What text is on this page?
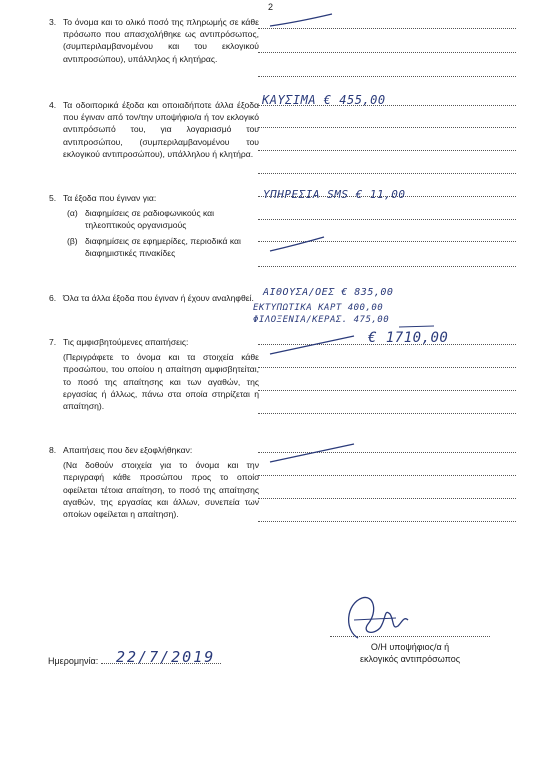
2
3. Το όνομα και το ολικό ποσό της πληρωμής σε κάθε πρόσωπο που απασχολήθηκε ως αντιπρόσωπος, (συμπεριλαμβανομένου και του εκλογικού αντιπροσώπου), υπάλληλος ή κλητήρας.

4. Τα οδοιπορικά έξοδα και οποιαδήποτε άλλα έξοδα που έγιναν από τον/την υποψήφιο/α ή τον εκλογικό αντιπρόσωπό του, για λογαριασμό του αντιπροσώπου, (συμπεριλαμβανομένου του εκλογικού αντιπροσώπου), υπάλληλου ή κλητήρα.

5. Τα έξοδα που έγιναν για:

(α) διαφημίσεις σε ραδιοφωνικούς και τηλεοπτικούς οργανισμούς
(β) διαφημίσεις σε εφημερίδες, περιοδικά και διαφημιστικές πινακίδες
6. Όλα τα άλλα έξοδα που έγιναν ή έχουν αναληφθεί.

7. Τις αμφισβητούμενες απαιτήσεις:

(Περιγράφετε το όνομα και τα στοιχεία κάθε προσώπου, του οποίου η απαίτηση αμφισβητείται, το ποσό της απαίτησης και των αγαθών, της εργασίας ή άλλως, πάνω στα οποία στηρίζεται η απαίτηση).

8. Απαιτήσεις που δεν εξοφλήθηκαν:

(Να δοθούν στοιχεία για το όνομα και την περιγραφή κάθε προσώπου προς το οποίο οφείλεται τέτοια απαίτηση, το ποσό της απαίτησης αγαθών, της εργασίας και άλλων, συνεπεία των οποίων οφείλεται η απαίτηση).

ΚΑΥΣΙΜΑ € 455,00
ΥΠΗΡΕΣΙΑ SMS € 11,00
ΑΙΘΟΥΣΑ/ΟΕΣ € 835,00
ΕΚΤΥΠΩΤΙΚΑ ΚΑΡΤ 400,00
ΦΙΛΟΞΕΝΙΑ/ΚΕΡΑΣ. 475,00
€ 1710,00
Ο/Η υποψήφιος/α ή
εκλογικός αντιπρόσωπος
Ημερομηνία:	22/7/2019
